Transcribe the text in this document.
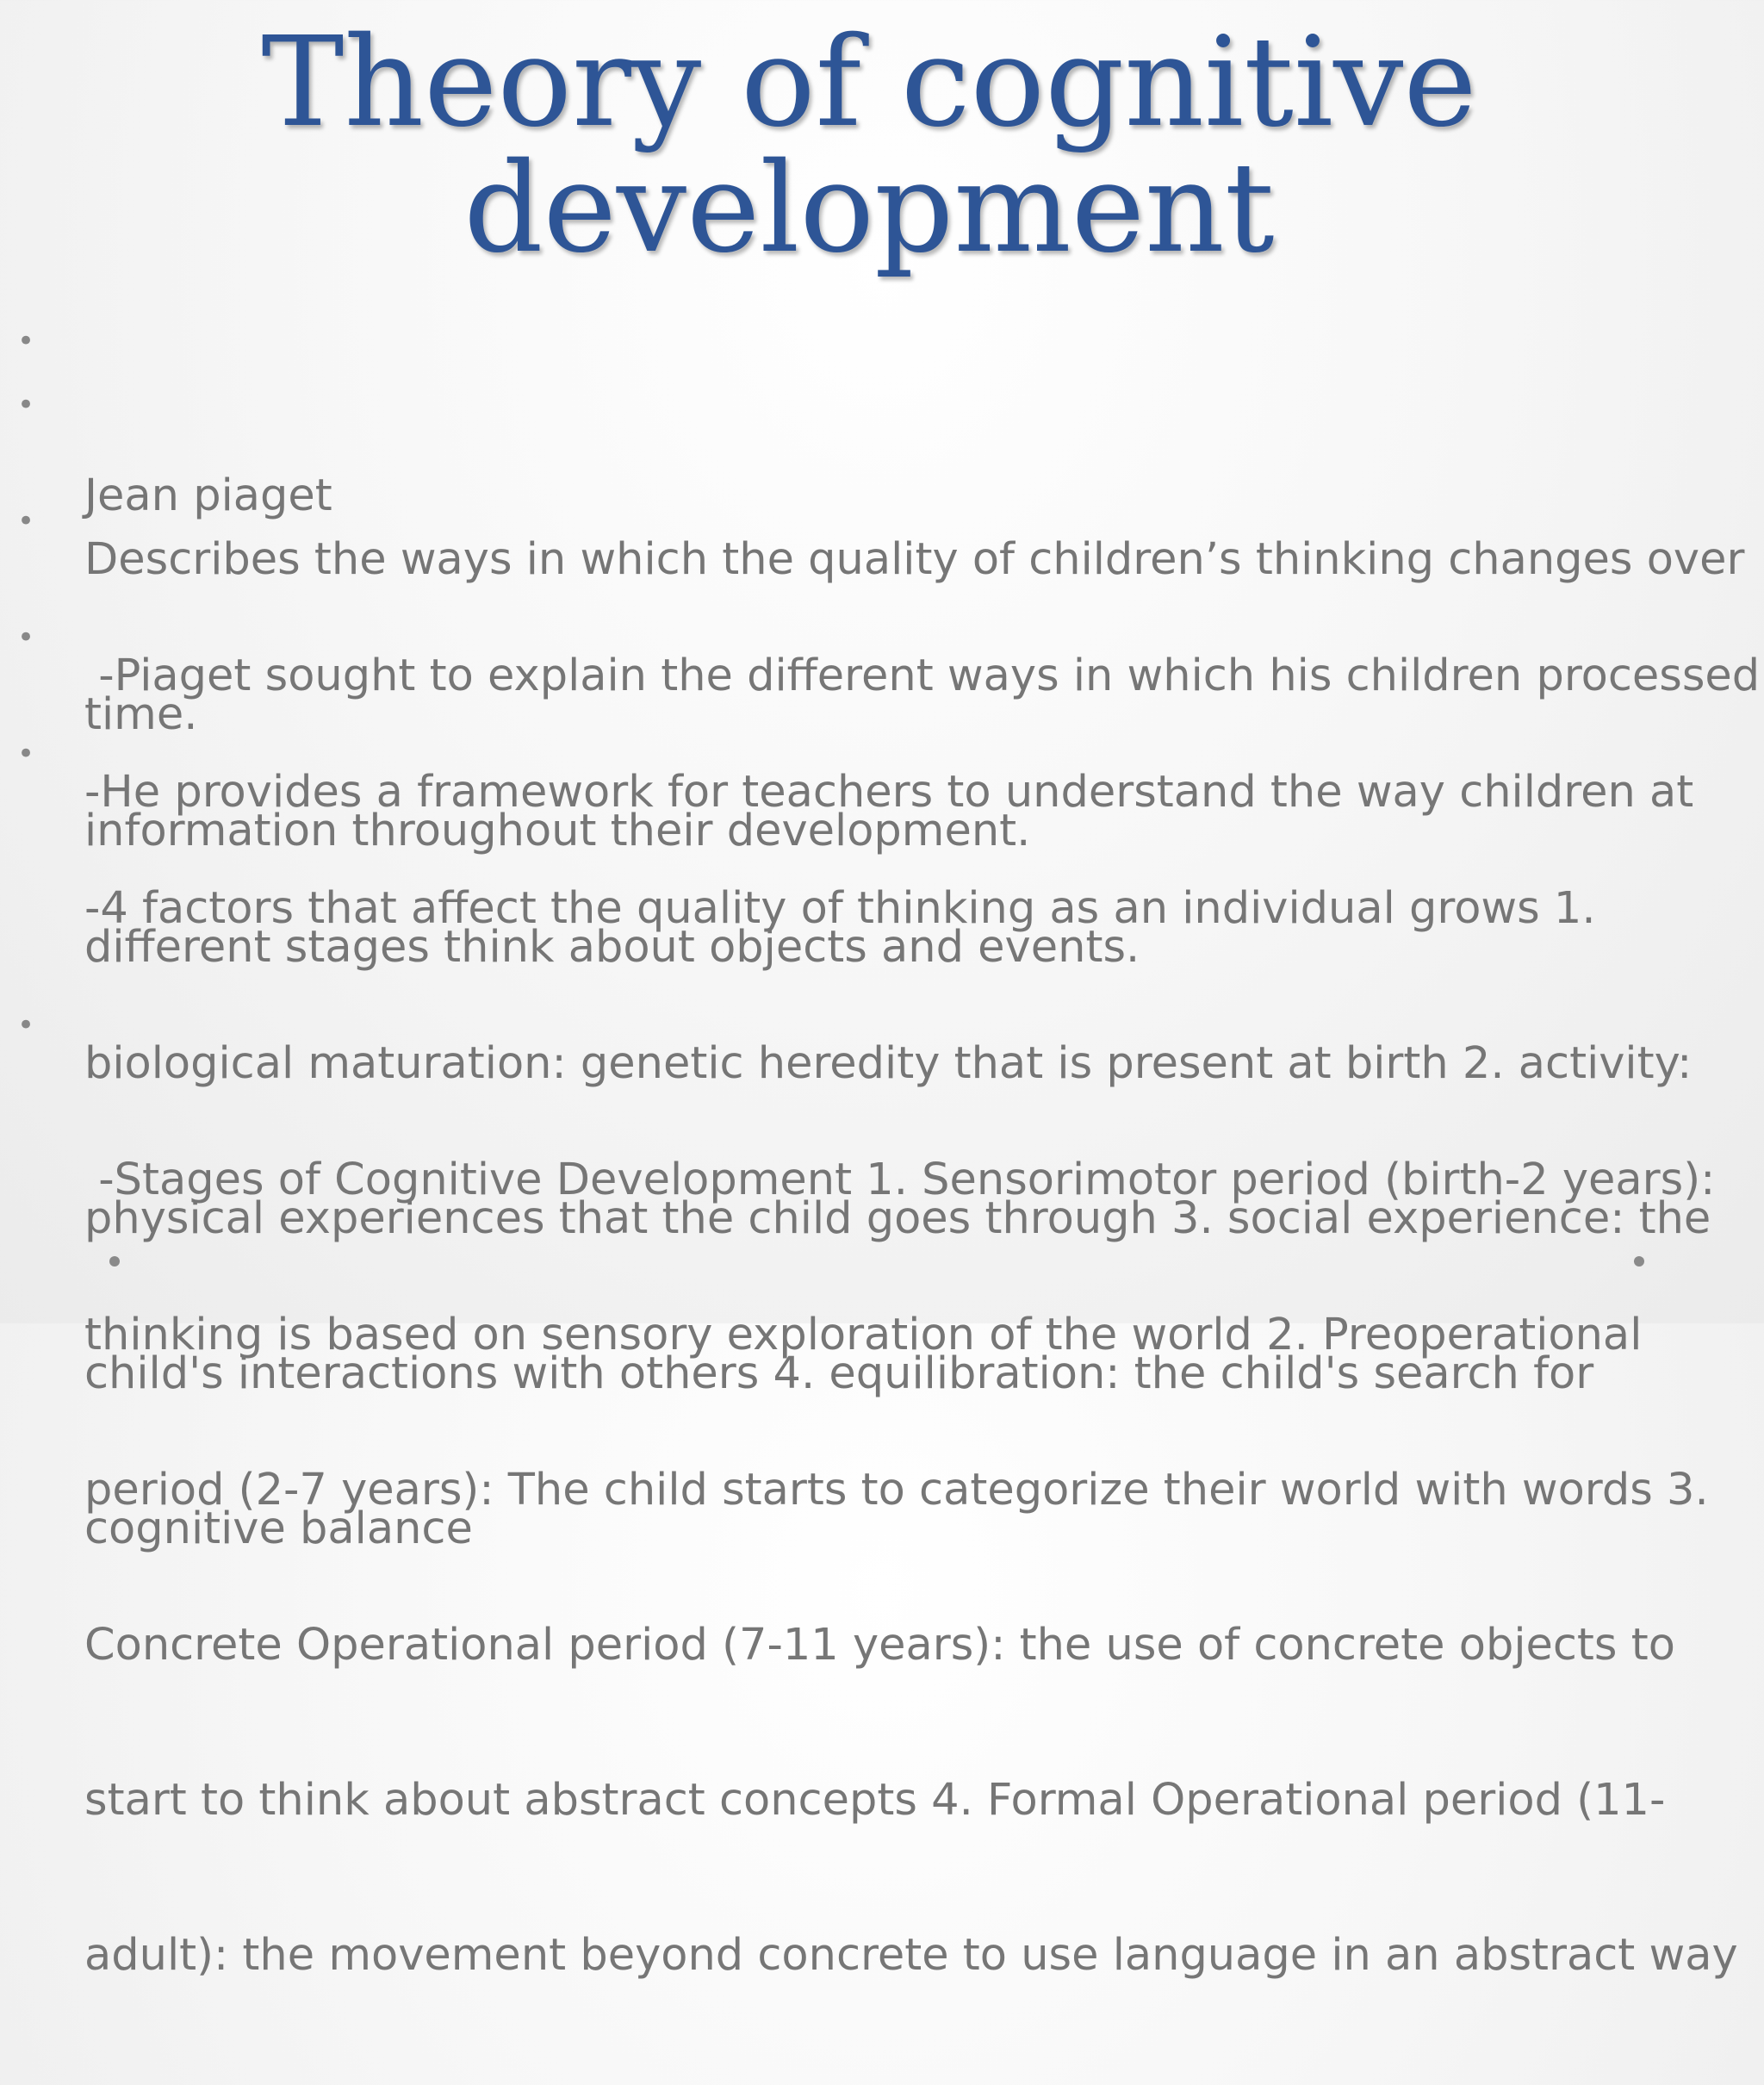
Theory of cognitive
development

•

Jean piaget

•

Describes the ways in which the quality of children’s thinking changes over

time.

•

-Piaget sought to explain the different ways in which his children processed

information throughout their development.

•

-He provides a framework for teachers to understand the way children at

different stages think about objects and events.

•

-4 factors that affect the quality of thinking as an individual grows 1.

biological maturation: genetic heredity that is present at birth 2. activity:

physical experiences that the child goes through 3. social experience: the

child's interactions with others 4. equilibration: the child's search for

cognitive balance

•

-Stages of Cognitive Development 1. Sensorimotor period (birth-2 years):

thinking is based on sensory exploration of the world 2. Preoperational

period (2-7 years): The child starts to categorize their world with words 3.

Concrete Operational period (7-11 years): the use of concrete objects to

start to think about abstract concepts 4. Formal Operational period (11-

adult): the movement beyond concrete to use language in an abstract way
